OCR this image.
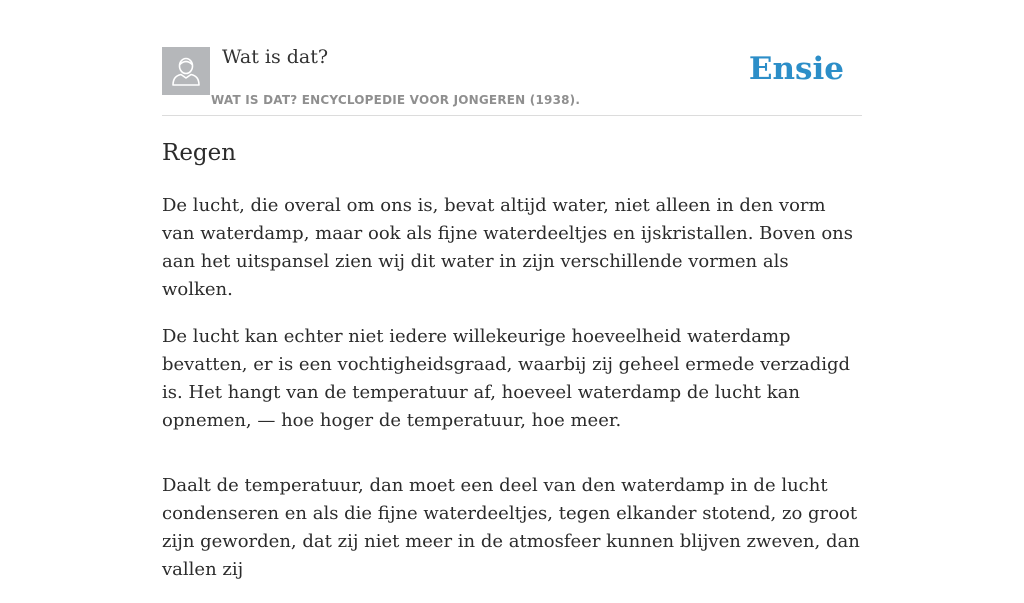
Wat is dat?
WAT IS DAT? ENCYCLOPEDIE VOOR JONGEREN (1938).
Ensie
Regen

De lucht, die overal om ons is, bevat altijd water, niet alleen in den vorm van waterdamp, maar ook als fijne waterdeeltjes en ijskristallen. Boven ons aan het uitspansel zien wij dit water in zijn verschillende vormen als wolken.

De lucht kan echter niet iedere willekeurige hoeveelheid waterdamp bevatten, er is een vochtigheidsgraad, waarbij zij geheel ermede verzadigd is. Het hangt van de temperatuur af, hoeveel waterdamp de lucht kan opnemen, — hoe hoger de temperatuur, hoe meer.

Daalt de temperatuur, dan moet een deel van den waterdamp in de lucht condenseren en als die fijne waterdeeltjes, tegen elkander stotend, zo groot zijn geworden, dat zij niet meer in de atmosfeer kunnen blijven zweven, dan vallen zij
